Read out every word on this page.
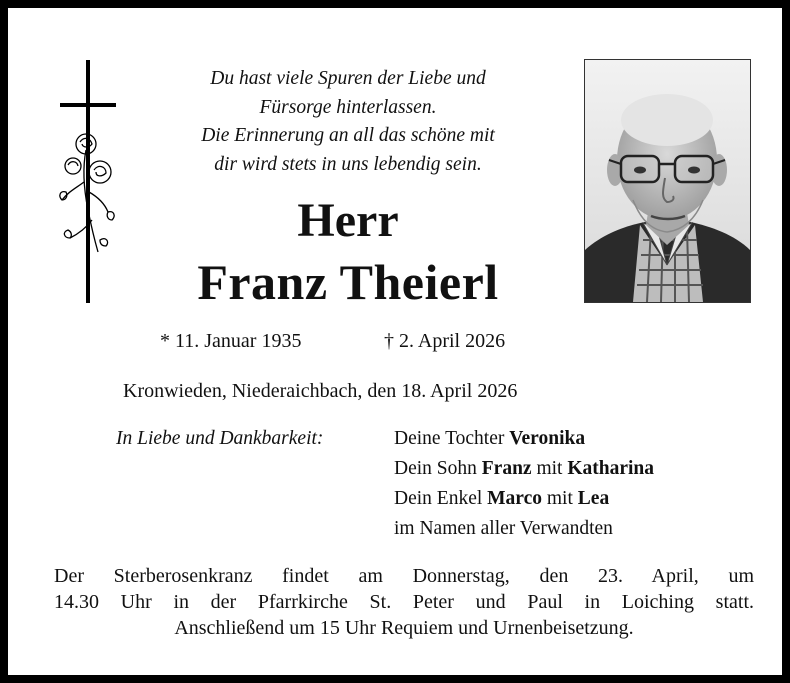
Du hast viele Spuren der Liebe und
Fürsorge hinterlassen.
Die Erinnerung an all das schöne mit
dir wird stets in uns lebendig sein.
Herr
Franz Theierl
* 11. Januar 1935	† 2. April 2026
Kronwieden, Niederaichbach, den 18. April 2026
In Liebe und Dankbarkeit:	Deine Tochter Veronika
Dein Sohn Franz mit Katharina
Dein Enkel Marco mit Lea
im Namen aller Verwandten
Der Sterberosenkranz findet am Donnerstag, den 23. April, um
14.30 Uhr in der Pfarrkirche St. Peter und Paul in Loiching statt.
Anschließend um 15 Uhr Requiem und Urnenbeisetzung.
